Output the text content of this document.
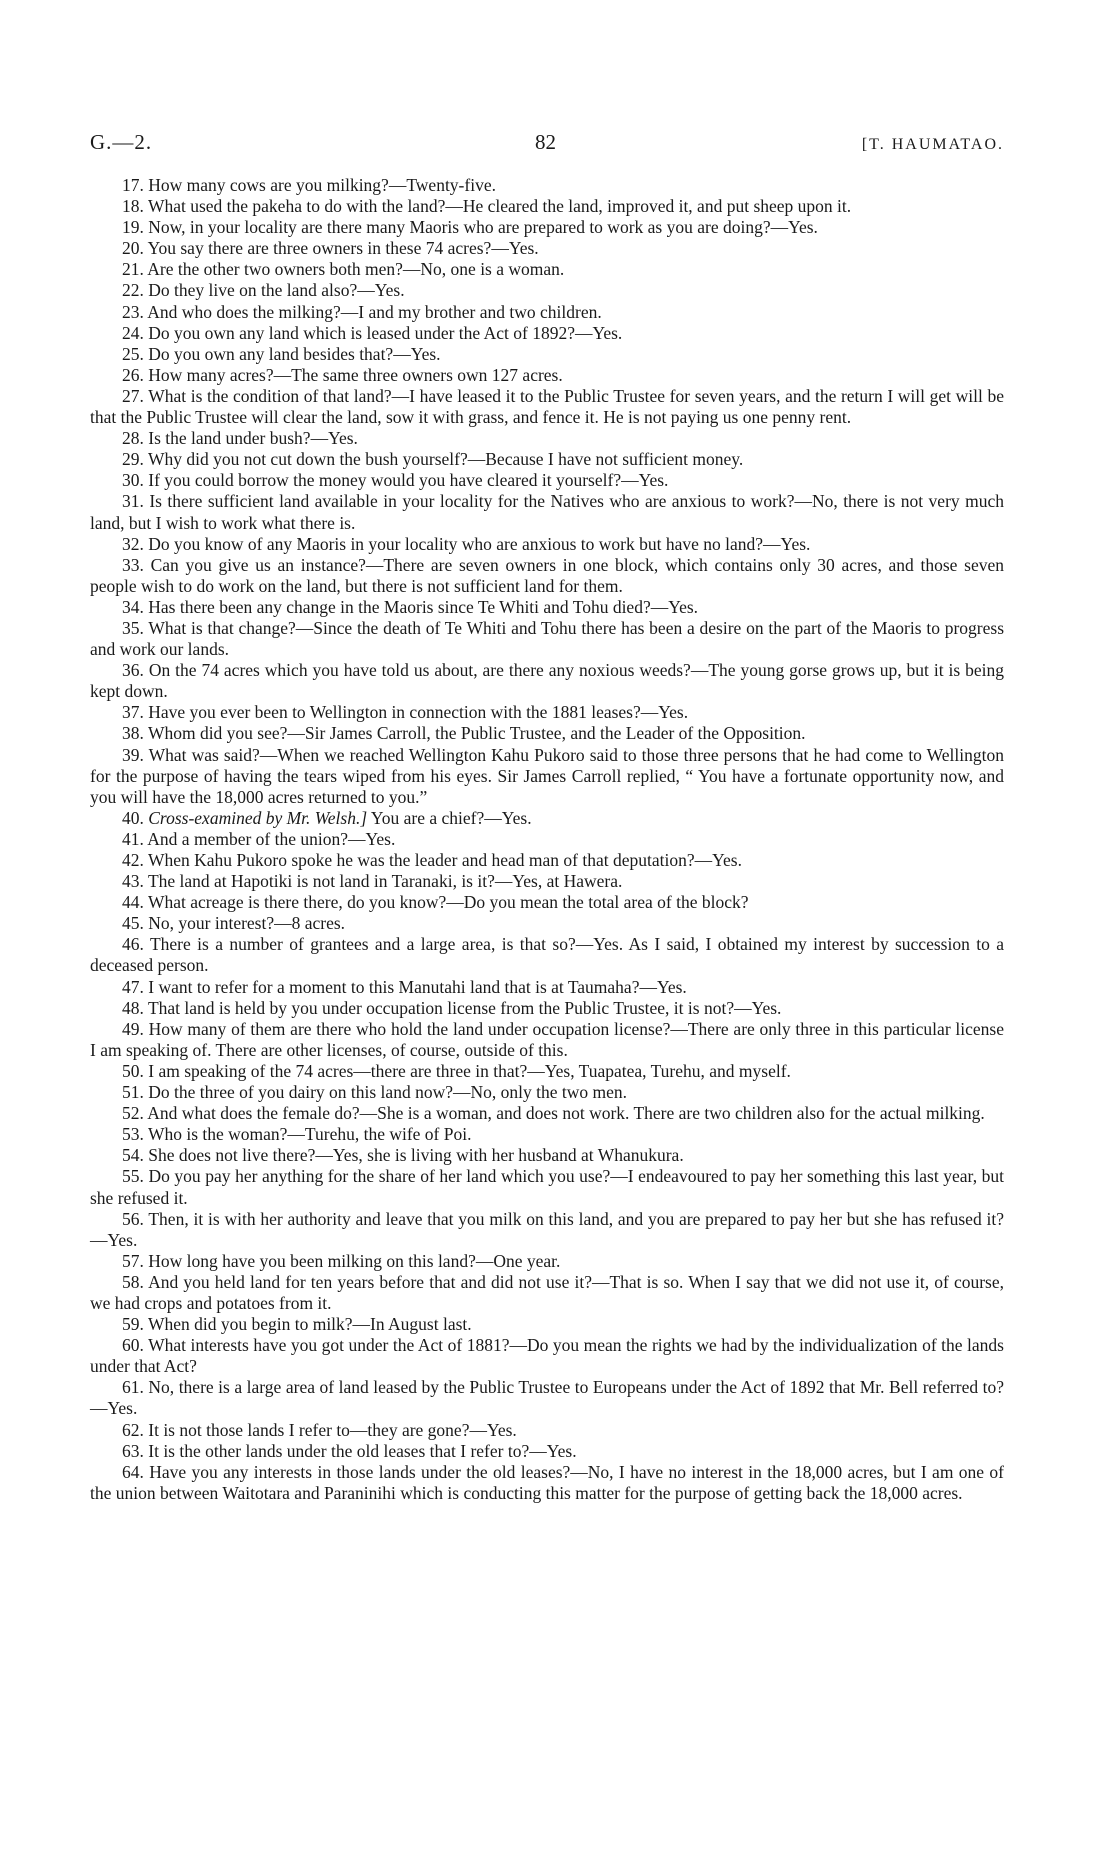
G.—2.	82	[T. HAUMATAO.

17. How many cows are you milking?—Twenty-five.

18. What used the pakeha to do with the land?—He cleared the land, improved it, and put sheep upon it.

19. Now, in your locality are there many Maoris who are prepared to work as you are doing?—Yes.

20. You say there are three owners in these 74 acres?—Yes.

21. Are the other two owners both men?—No, one is a woman.

22. Do they live on the land also?—Yes.

23. And who does the milking?—I and my brother and two children.

24. Do you own any land which is leased under the Act of 1892?—Yes.

25. Do you own any land besides that?—Yes.

26. How many acres?—The same three owners own 127 acres.

27. What is the condition of that land?—I have leased it to the Public Trustee for seven years, and the return I will get will be that the Public Trustee will clear the land, sow it with grass, and fence it. He is not paying us one penny rent.

28. Is the land under bush?—Yes.

29. Why did you not cut down the bush yourself?—Because I have not sufficient money.

30. If you could borrow the money would you have cleared it yourself?—Yes.

31. Is there sufficient land available in your locality for the Natives who are anxious to work?—No, there is not very much land, but I wish to work what there is.

32. Do you know of any Maoris in your locality who are anxious to work but have no land?—Yes.

33. Can you give us an instance?—There are seven owners in one block, which contains only 30 acres, and those seven people wish to do work on the land, but there is not sufficient land for them.

34. Has there been any change in the Maoris since Te Whiti and Tohu died?—Yes.

35. What is that change?—Since the death of Te Whiti and Tohu there has been a desire on the part of the Maoris to progress and work our lands.

36. On the 74 acres which you have told us about, are there any noxious weeds?—The young gorse grows up, but it is being kept down.

37. Have you ever been to Wellington in connection with the 1881 leases?—Yes.

38. Whom did you see?—Sir James Carroll, the Public Trustee, and the Leader of the Opposition.

39. What was said?—When we reached Wellington Kahu Pukoro said to those three persons that he had come to Wellington for the purpose of having the tears wiped from his eyes. Sir James Carroll replied, “ You have a fortunate opportunity now, and you will have the 18,000 acres returned to you.”

40. Cross-examined by Mr. Welsh.] You are a chief?—Yes.

41. And a member of the union?—Yes.

42. When Kahu Pukoro spoke he was the leader and head man of that deputation?—Yes.

43. The land at Hapotiki is not land in Taranaki, is it?—Yes, at Hawera.

44. What acreage is there there, do you know?—Do you mean the total area of the block?

45. No, your interest?—8 acres.

46. There is a number of grantees and a large area, is that so?—Yes. As I said, I obtained my interest by succession to a deceased person.

47. I want to refer for a moment to this Manutahi land that is at Taumaha?—Yes.

48. That land is held by you under occupation license from the Public Trustee, it is not?—Yes.

49. How many of them are there who hold the land under occupation license?—There are only three in this particular license I am speaking of. There are other licenses, of course, outside of this.

50. I am speaking of the 74 acres—there are three in that?—Yes, Tuapatea, Turehu, and myself.

51. Do the three of you dairy on this land now?—No, only the two men.

52. And what does the female do?—She is a woman, and does not work. There are two children also for the actual milking.

53. Who is the woman?—Turehu, the wife of Poi.

54. She does not live there?—Yes, she is living with her husband at Whanukura.

55. Do you pay her anything for the share of her land which you use?—I endeavoured to pay her something this last year, but she refused it.

56. Then, it is with her authority and leave that you milk on this land, and you are prepared to pay her but she has refused it?—Yes.

57. How long have you been milking on this land?—One year.

58. And you held land for ten years before that and did not use it?—That is so. When I say that we did not use it, of course, we had crops and potatoes from it.

59. When did you begin to milk?—In August last.

60. What interests have you got under the Act of 1881?—Do you mean the rights we had by the individualization of the lands under that Act?

61. No, there is a large area of land leased by the Public Trustee to Europeans under the Act of 1892 that Mr. Bell referred to?—Yes.

62. It is not those lands I refer to—they are gone?—Yes.

63. It is the other lands under the old leases that I refer to?—Yes.

64. Have you any interests in those lands under the old leases?—No, I have no interest in the 18,000 acres, but I am one of the union between Waitotara and Paraninihi which is conducting this matter for the purpose of getting back the 18,000 acres.
